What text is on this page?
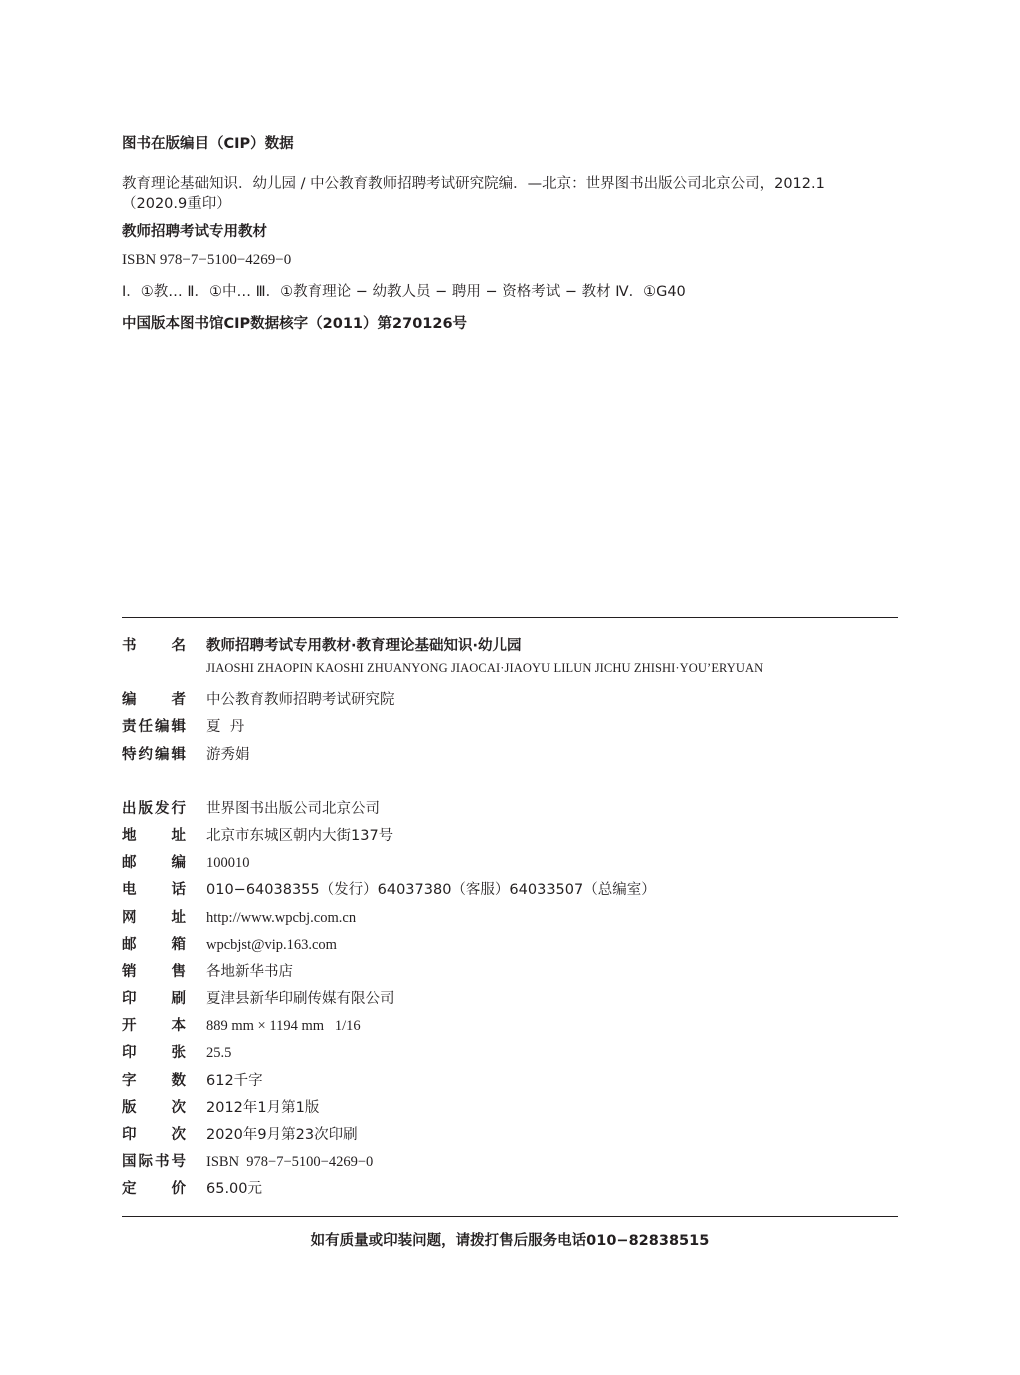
图书在版编目（CIP）数据

教育理论基础知识．幼儿园 / 中公教育教师招聘考试研究院编．—北京：世界图书出版公司北京公司，2012.1

（2020.9重印）

教师招聘考试专用教材

ISBN 978−7−5100−4269−0

Ⅰ．①教… Ⅱ．①中… Ⅲ．①教育理论 − 幼教人员 − 聘用 − 资格考试 − 教材 Ⅳ．①G40

中国版本图书馆CIP数据核字（2011）第270126号

书名 教师招聘考试专用教材·教育理论基础知识·幼儿园
JIAOSHI ZHAOPIN KAOSHI ZHUANYONG JIAOCAI·JIAOYU LILUN JICHU ZHISHI·YOU’ERYUAN
编者 中公教育教师招聘考试研究院
责任编辑 夏  丹
特约编辑 游秀娟
出版发行 世界图书出版公司北京公司
地址 北京市东城区朝内大街137号
邮编 100010
电话 010−64038355（发行）64037380（客服）64033507（总编室）
网址 http://www.wpcbj.com.cn
邮箱 wpcbjst@vip.163.com
销售 各地新华书店
印刷 夏津县新华印刷传媒有限公司
开本 889 mm × 1194 mm   1/16
印张 25.5
字数 612千字
版次 2012年1月第1版
印次 2020年9月第23次印刷
国际书号 ISBN  978−7−5100−4269−0
定价 65.00元
如有质量或印装问题，请拨打售后服务电话010−82838515
